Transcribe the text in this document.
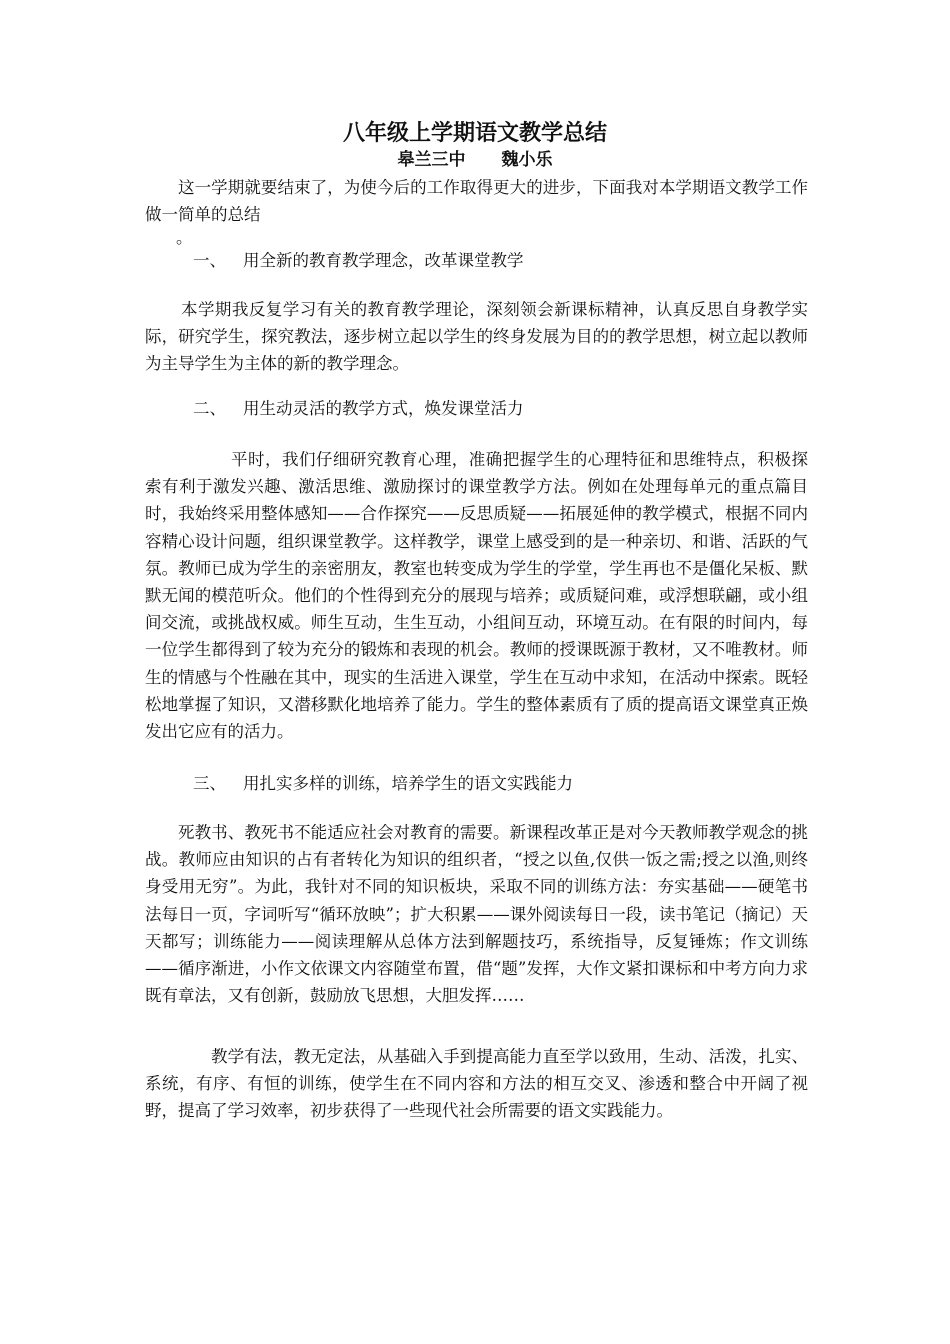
八年级上学期语文教学总结
皋兰三中 魏小乐

这一学期就要结束了，为使今后的工作取得更大的进步，下面我对本学期语文教学工作做一简单的总结

。
一、 用全新的教育教学理念，改革课堂教学

本学期我反复学习有关的教育教学理论，深刻领会新课标精神，认真反思自身教学实际，研究学生，探究教法，逐步树立起以学生的终身发展为目的的教学思想，树立起以教师为主导学生为主体的新的教学理念。

二、 用生动灵活的教学方式，焕发课堂活力

平时，我们仔细研究教育心理，准确把握学生的心理特征和思维特点，积极探索有利于激发兴趣、激活思维、激励探讨的课堂教学方法。例如在处理每单元的重点篇目时，我始终采用整体感知——合作探究——反思质疑——拓展延伸的教学模式，根据不同内容精心设计问题，组织课堂教学。这样教学，课堂上感受到的是一种亲切、和谐、活跃的气氛。教师已成为学生的亲密朋友，教室也转变成为学生的学堂，学生再也不是僵化呆板、默默无闻的模范听众。他们的个性得到充分的展现与培养；或质疑问难，或浮想联翩，或小组间交流，或挑战权威。师生互动，生生互动，小组间互动，环境互动。在有限的时间内，每一位学生都得到了较为充分的锻炼和表现的机会。教师的授课既源于教材，又不唯教材。师生的情感与个性融在其中，现实的生活进入课堂，学生在互动中求知，在活动中探索。既轻松地掌握了知识，又潜移默化地培养了能力。学生的整体素质有了质的提高语文课堂真正焕发出它应有的活力。

三、 用扎实多样的训练，培养学生的语文实践能力

死教书、教死书不能适应社会对教育的需要。新课程改革正是对今天教师教学观念的挑战。教师应由知识的占有者转化为知识的组织者，“授之以鱼,仅供一饭之需;授之以渔,则终身受用无穷”。为此，我针对不同的知识板块，采取不同的训练方法：夯实基础——硬笔书法每日一页，字词听写“循环放映”；扩大积累——课外阅读每日一段，读书笔记（摘记）天天都写；训练能力——阅读理解从总体方法到解题技巧，系统指导，反复锤炼；作文训练——循序渐进，小作文依课文内容随堂布置，借“题”发挥，大作文紧扣课标和中考方向力求既有章法，又有创新，鼓励放飞思想，大胆发挥……

教学有法，教无定法，从基础入手到提高能力直至学以致用，生动、活泼，扎实、系统，有序、有恒的训练，使学生在不同内容和方法的相互交叉、渗透和整合中开阔了视野，提高了学习效率，初步获得了一些现代社会所需要的语文实践能力。
